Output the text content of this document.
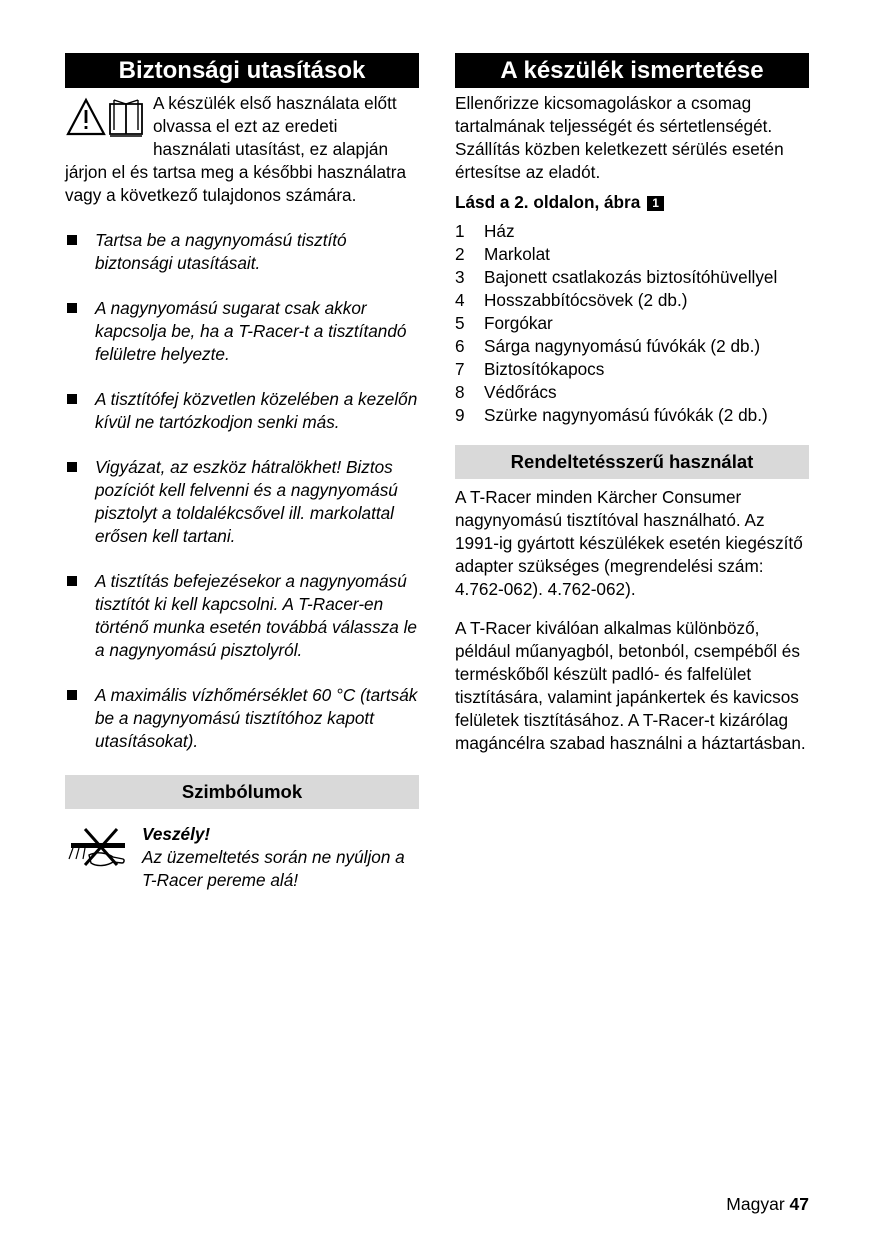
Biztonsági utasítások

A készülék első használata előtt olvassa el ezt az eredeti használati utasítást, ez alapján járjon el és tartsa meg a későbbi használatra vagy a következő tulajdonos számára.

Tartsa be a nagynyomású tisztító biztonsági utasításait.
A nagynyomású sugarat csak akkor kapcsolja be, ha a T-Racer-t a tisztítandó felületre helyezte.
A tisztítófej közvetlen közelében a kezelőn kívül ne tartózkodjon senki más.
Vigyázat, az eszköz hátralökhet! Biztos pozíciót kell felvenni és a nagynyomású pisztolyt a toldalékcsővel ill. markolattal erősen kell tartani.
A tisztítás befejezésekor a nagynyomású tisztítót ki kell kapcsolni. A T-Racer-en történő munka esetén továbbá válassza le a nagynyomású pisztolyról.
A maximális vízhőmérséklet 60 °C (tartsák be a nagynyomású tisztítóhoz kapott utasításokat).
Szimbólumok

Veszély!

Az üzemeltetés során ne nyúljon a T-Racer pereme alá!

A készülék ismertetése

Ellenőrizze kicsomagoláskor a csomag tartalmának teljességét és sértetlenségét. Szállítás közben keletkezett sérülés esetén értesítse az eladót.

Lásd a 2. oldalon, ábra 1

1 Ház
2 Markolat
3 Bajonett csatlakozás biztosítóhüvellyel
4 Hosszabbítócsövek (2 db.)
5 Forgókar
6 Sárga nagynyomású fúvókák (2 db.)
7 Biztosítókapocs
8 Védőrács
9 Szürke nagynyomású fúvókák (2 db.)
Rendeltetésszerű használat

A T-Racer minden Kärcher Consumer nagynyomású tisztítóval használható. Az 1991-ig gyártott készülékek esetén kiegészítő adapter szükséges (megrendelési szám: 4.762-062). 4.762-062).

A T-Racer kiválóan alkalmas különböző, például műanyagból, betonból, csempéből és terméskőből készült padló- és falfelület tisztítására, valamint japánkertek és kavicsos felületek tisztításához. A T-Racer-t kizárólag magáncélra szabad használni a háztartásban.

Magyar 47
